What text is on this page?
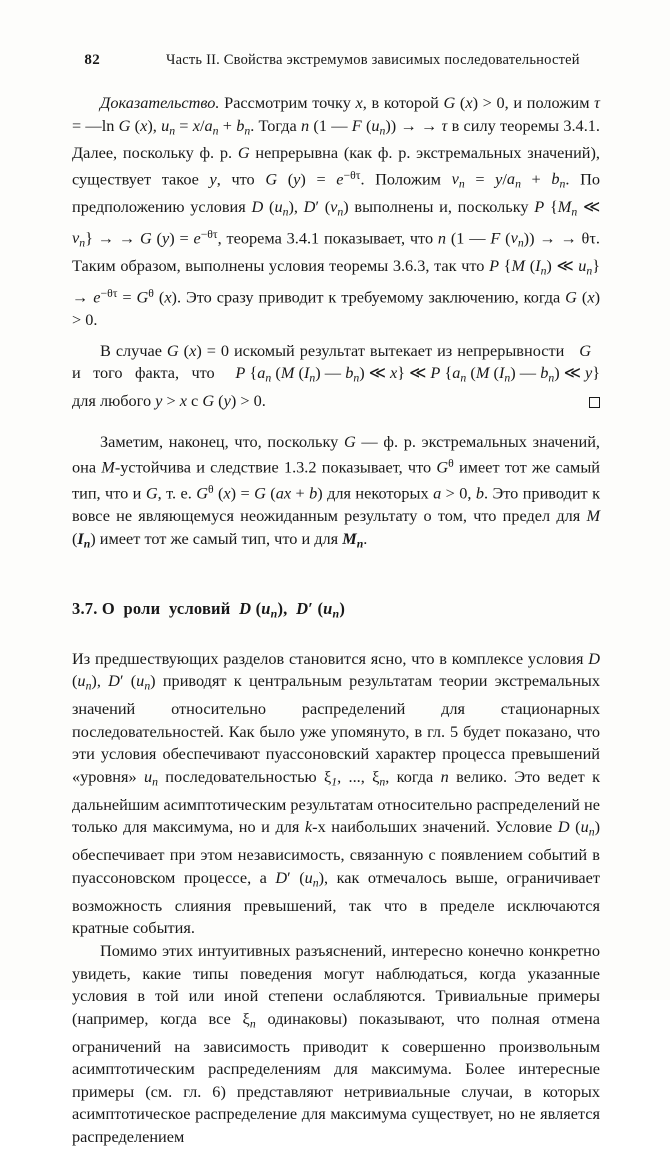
82	Часть II. Свойства экстремумов зависимых последовательностей

Доказательство. Рассмотрим точку x, в которой G (x) > 0, и положим τ = —ln G (x), $u_n = x/a_n + b_n$. Тогда n (1 — F $(u_n)$) → → τ в силу теоремы 3.4.1. Далее, поскольку ф. р. G непрерывна (как ф. р. экстремальных значений), существует такое y, что G $(y) = e^{-\theta\tau}$. Положим $v_n = y/a_n + b_n$. По предположению условия D $(u_n)$, D′ $(v_n)$ выполнены и, поскольку P {$M_n$ ≪ $v_n$} → → G $(y) = e^{-\theta\tau}$, теорема 3.4.1 показывает, что n (1 — F $(v_n)$) → → θτ. Таким образом, выполнены условия теоремы 3.6.3, так что P {M $(I_n)$ ≪ $u_n\} \to e^{-\theta\tau} = G^\theta$ (x). Это сразу приводит к требуемому заключению, когда G (x) > 0.

В случае G (x) = 0 искомый результат вытекает из непрерывности   G   и   того   факта,   что     P {$a_n$ (M $(I_n)$ — $b_n$) ≪ x} ≪ P {$a_n$ (M $(I_n)$ — $b_n$) ≪ y} для любого y > x с G (y) > 0.

Заметим, наконец, что, поскольку G — ф. р. экстремальных значений, она M-устойчива и следствие 1.3.2 показывает, что $G^\theta$ имеет тот же самый тип, что и G, т. е. $G^\theta$ (x) = G (ax + b) для некоторых a > 0, b. Это приводит к вовсе не являющемуся неожиданным результату о том, что предел для M $(I_n)$ имеет тот же самый тип, что и для $M_n$.

3.7. О  роли  условий  D $(u_n)$,  D′ $(u_n)$

Из предшествующих разделов становится ясно, что в комплексе условия D $(u_n)$, D′ $(u_n)$ приводят к центральным результатам теории экстремальных значений относительно распределений для стационарных последовательностей. Как было уже упомянуто, в гл. 5 будет показано, что эти условия обеспечивают пуассоновский характер процесса превышений «уровня» $u_n$ последовательностью $\xi_1$, ..., $\xi_n$, когда n велико. Это ведет к дальнейшим асимптотическим результатам относительно распределений не только для максимума, но и для k-х наибольших значений. Условие D $(u_n)$ обеспечивает при этом независимость, связанную с появлением событий в пуассоновском процессе, а D′ $(u_n)$, как отмечалось выше, ограничивает возможность слияния превышений, так что в пределе исключаются кратные события.

Помимо этих интуитивных разъяснений, интересно конечно конкретно увидеть, какие типы поведения могут наблюдаться, когда указанные условия в той или иной степени ослабляются. Тривиальные примеры (например, когда все $\xi_n$ одинаковы) показывают, что полная отмена ограничений на зависимость приводит к совершенно произвольным асимптотическим распределениям для максимума. Более интересные примеры (см. гл. 6) представляют нетривиальные случаи, в которых асимптотическое распределение для максимума существует, но не является распределением
